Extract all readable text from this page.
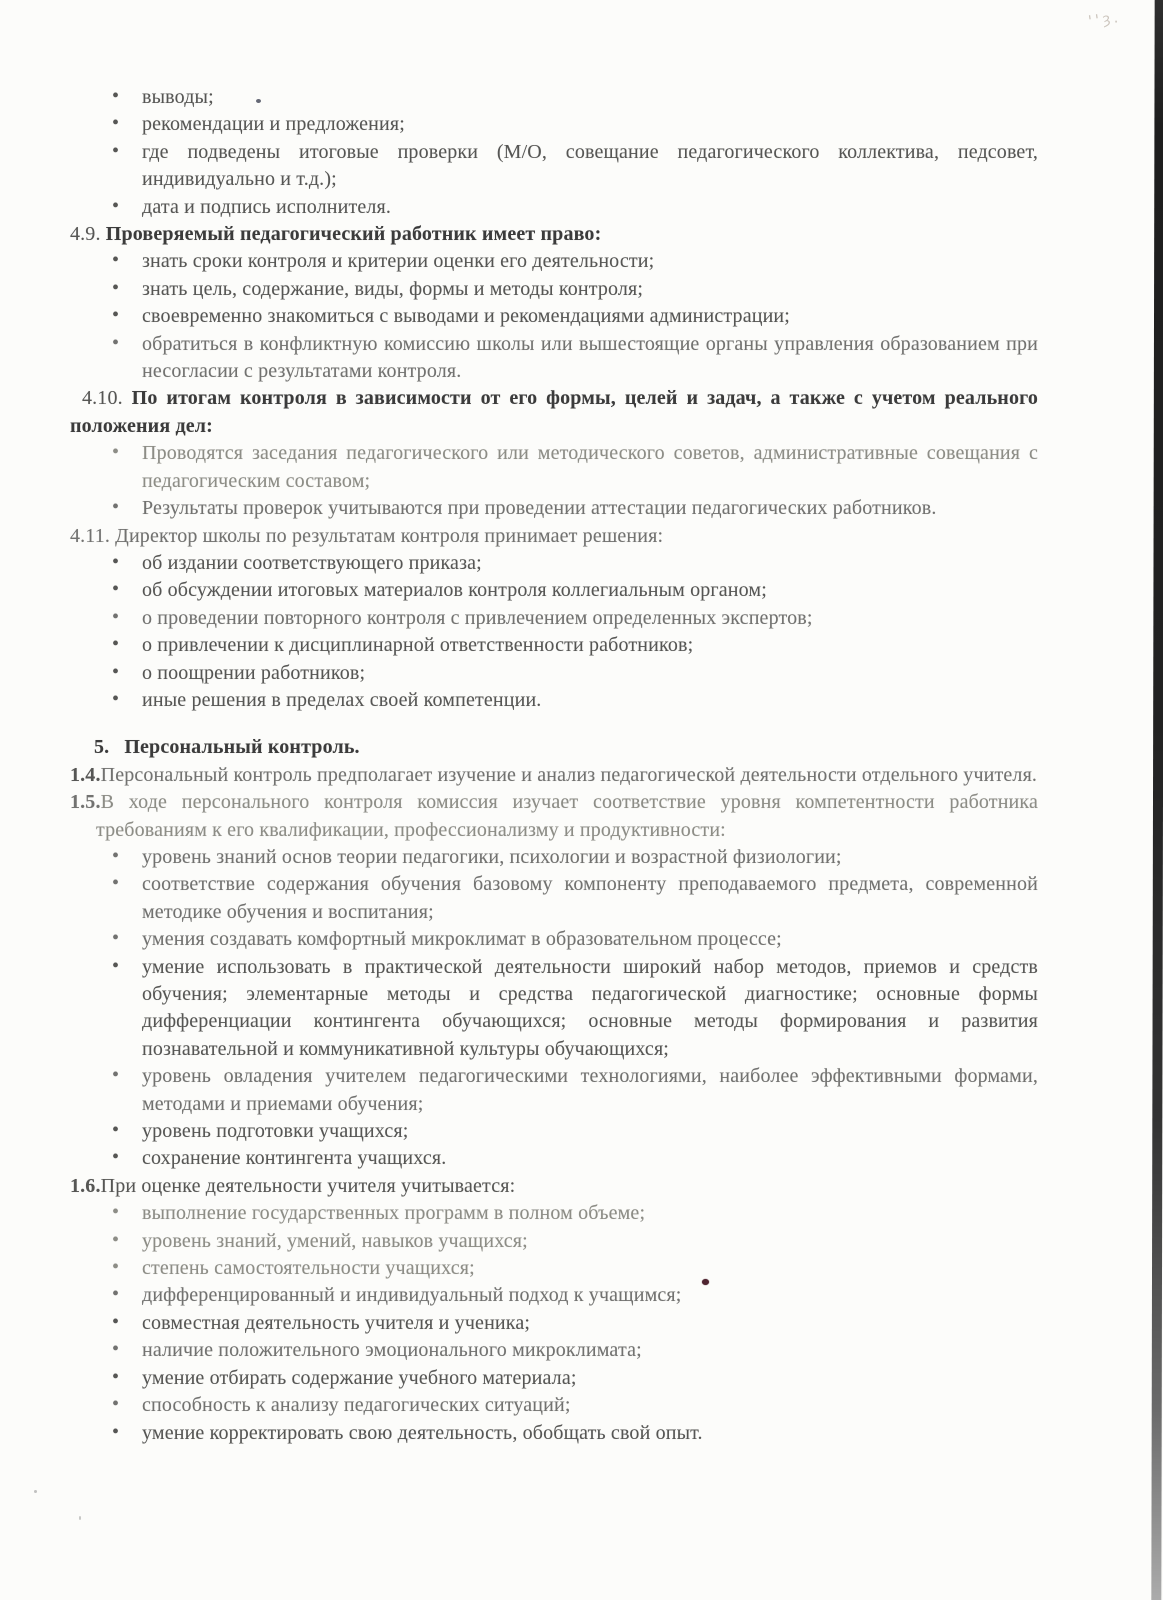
• выводы;
• рекомендации и предложения;
• где подведены итоговые проверки (М/О, совещание педагогического коллектива, педсовет, индивидуально и т.д.);
• дата и подпись исполнителя.

4.9. Проверяемый педагогический работник имеет право:

• знать сроки контроля и критерии оценки его деятельности;
• знать цель, содержание, виды, формы и методы контроля;
• своевременно знакомиться с выводами и рекомендациями администрации;
• обратиться в конфликтную комиссию школы или вышестоящие органы управления образованием при несогласии с результатами контроля.

4.10. По итогам контроля в зависимости от его формы, целей и задач, а также с учетом реального положения дел:

• Проводятся заседания педагогического или методического советов, административные совещания с педагогическим составом;
• Результаты проверок учитываются при проведении аттестации педагогических работников.

4.11. Директор школы по результатам контроля принимает решения:

• об издании соответствующего приказа;
• об обсуждении итоговых материалов контроля коллегиальным органом;
• о проведении повторного контроля с привлечением определенных экспертов;
• о привлечении к дисциплинарной ответственности работников;
• о поощрении работников;
• иные решения в пределах своей компетенции.

5. Персональный контроль.

1.4.Персональный контроль предполагает изучение и анализ педагогической деятельности отдельного учителя.

1.5.В ходе персонального контроля комиссия изучает соответствие уровня компетентности работника требованиям к его квалификации, профессионализму и продуктивности:

• уровень знаний основ теории педагогики, психологии и возрастной физиологии;
• соответствие содержания обучения базовому компоненту преподаваемого предмета, современной методике обучения и воспитания;
• умения создавать комфортный микроклимат в образовательном процессе;
• умение использовать в практической деятельности широкий набор методов, приемов и средств обучения; элементарные методы и средства педагогической диагностике; основные формы дифференциации контингента обучающихся; основные методы формирования и развития познавательной и коммуникативной культуры обучающихся;
• уровень овладения учителем педагогическими технологиями, наиболее эффективными формами, методами и приемами обучения;
• уровень подготовки учащихся;
• сохранение контингента учащихся.

1.6.При оценке деятельности учителя учитывается:

• выполнение государственных программ в полном объеме;
• уровень знаний, умений, навыков учащихся;
• степень самостоятельности учащихся;
• дифференцированный и индивидуальный подход к учащимся;
• совместная деятельность учителя и ученика;
• наличие положительного эмоционального микроклимата;
• умение отбирать содержание учебного материала;
• способность к анализу педагогических ситуаций;
• умение корректировать свою деятельность, обобщать свой опыт.
''ȝ.
